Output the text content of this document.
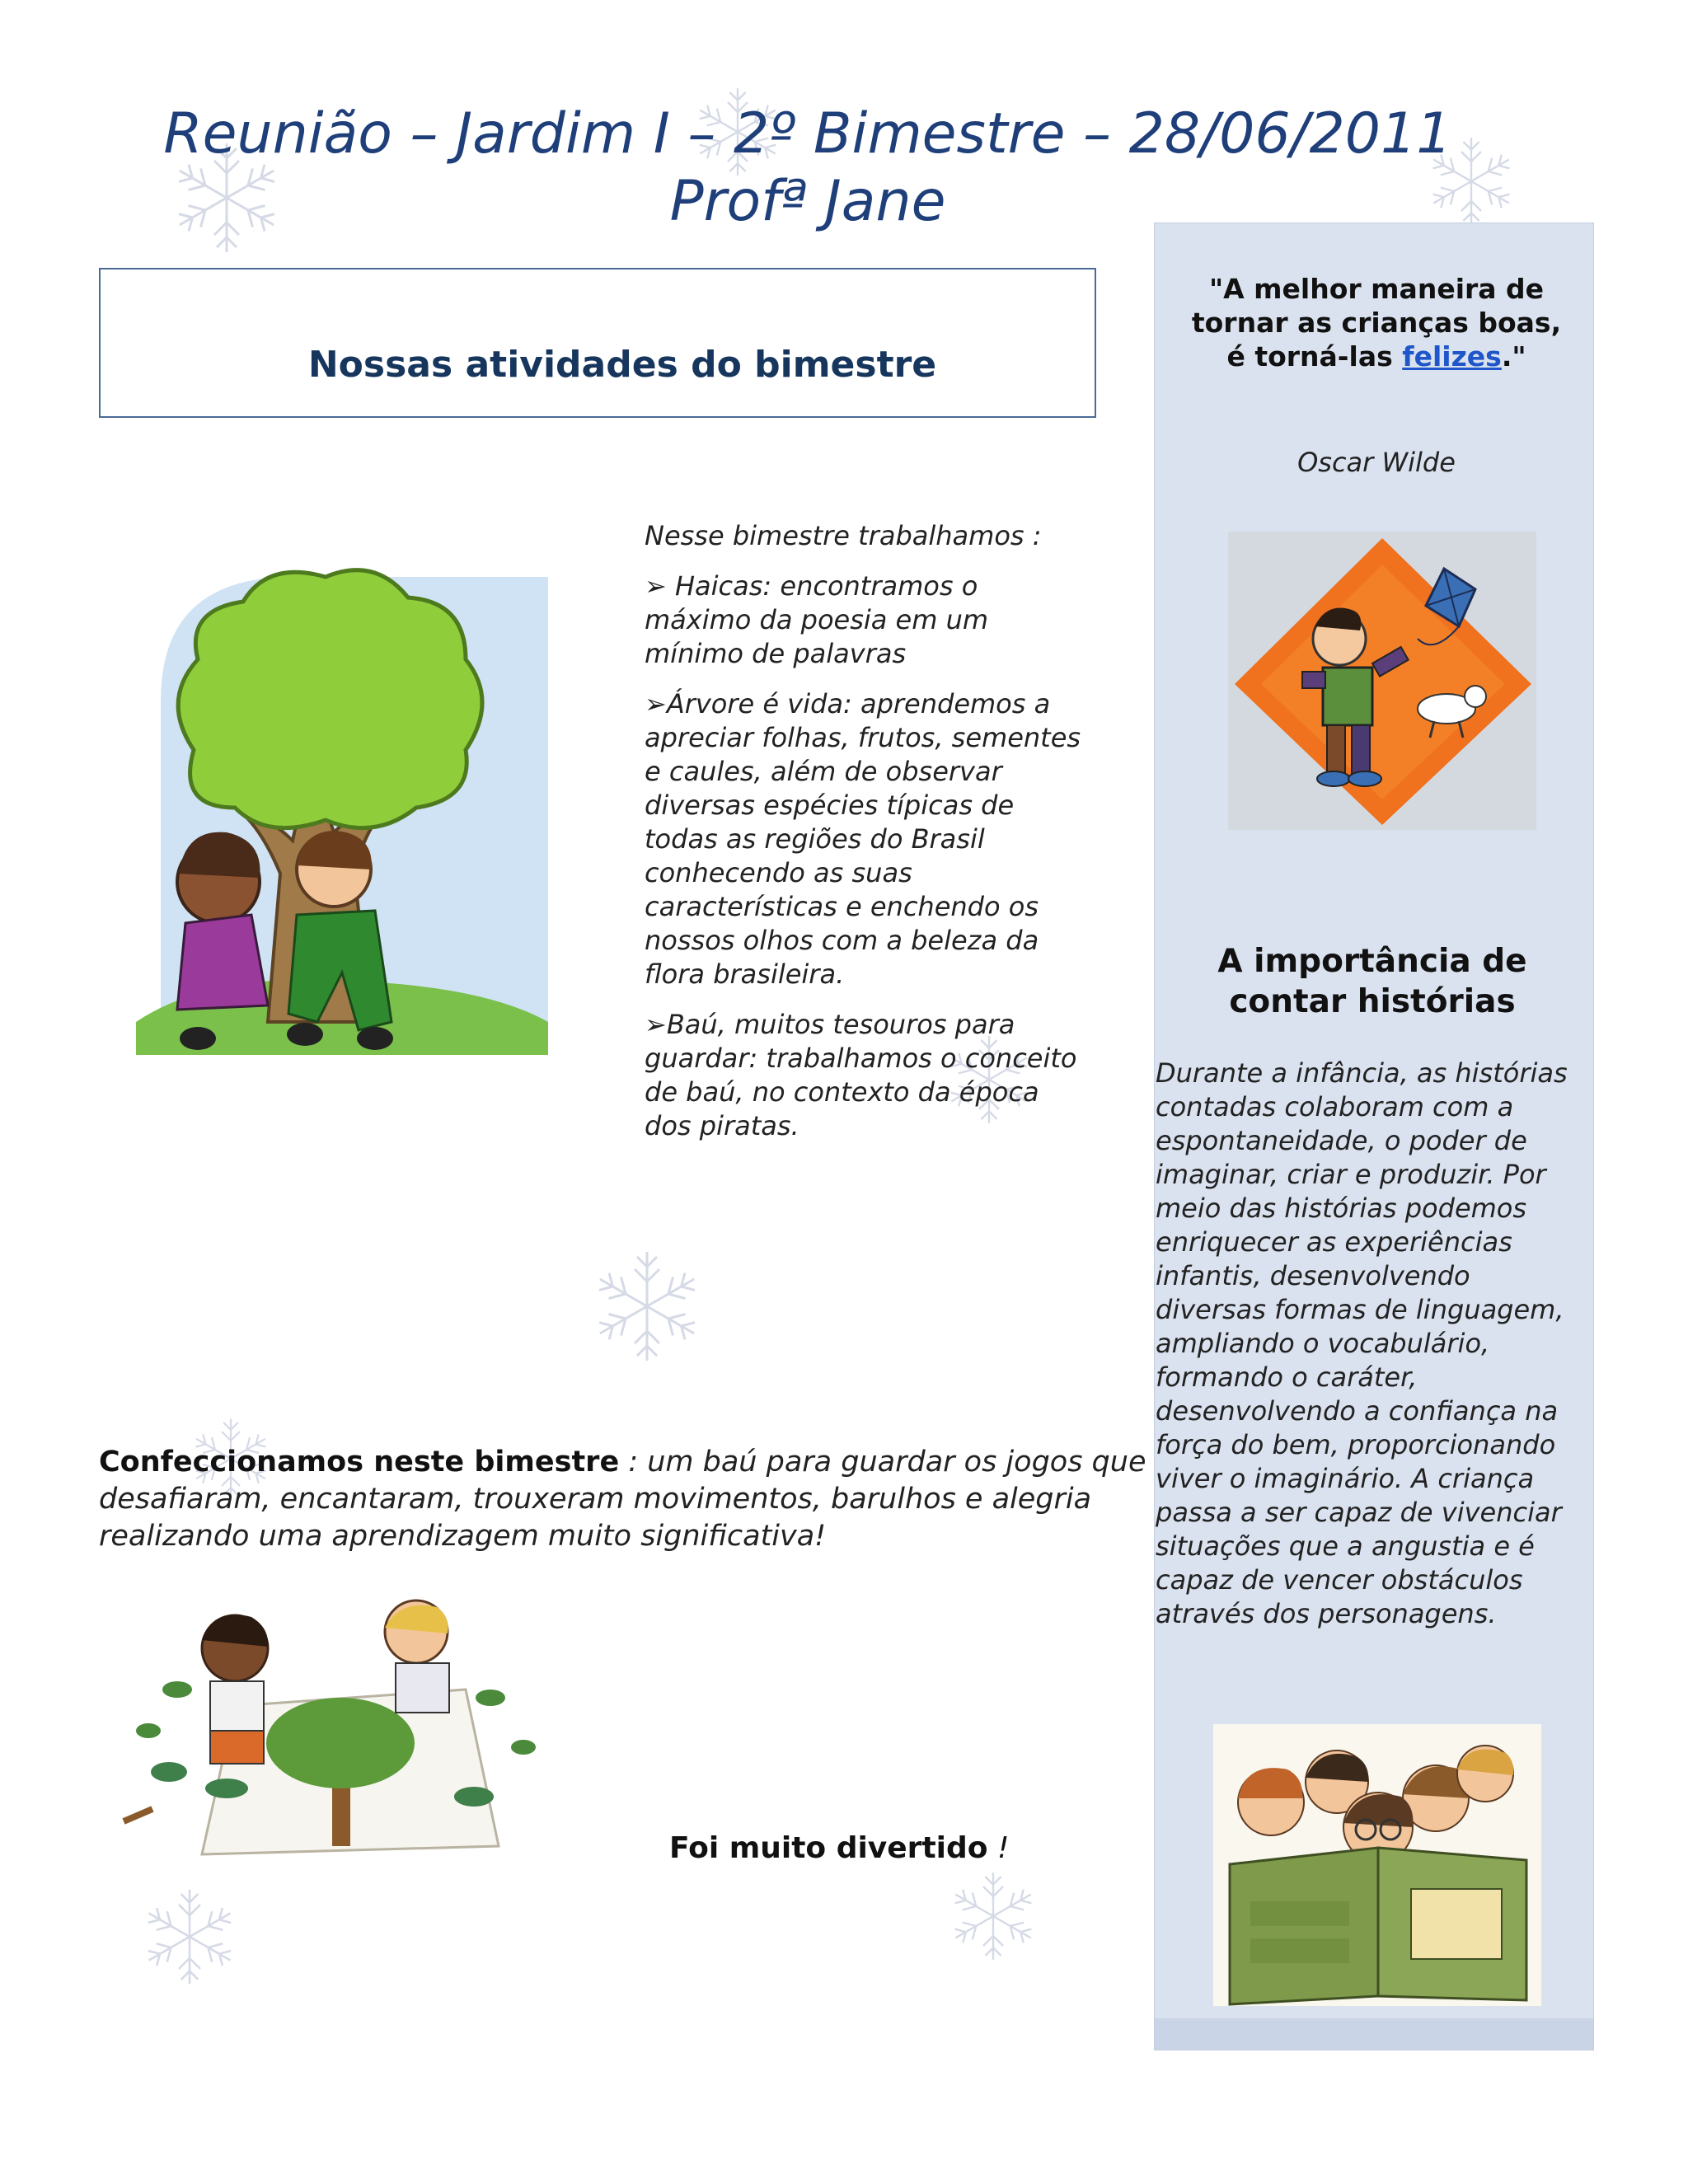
Reunião – Jardim I – 2º Bimestre – 28/06/2011
Profª Jane
"A melhor maneira de tornar as crianças boas, é torná-las felizes."
Oscar Wilde
A importância de contar histórias
Durante a infância, as histórias contadas colaboram com a espontaneidade, o poder de imaginar, criar e produzir. Por meio das histórias podemos enriquecer as experiências infantis, desenvolvendo diversas formas de linguagem, ampliando o vocabulário, formando o caráter, desenvolvendo a confiança na força do bem, proporcionando viver o imaginário. A criança passa a ser capaz de vivenciar situações que a angustia e é capaz de vencer obstáculos através dos personagens.
Nossas atividades do bimestre

Nesse bimestre trabalhamos :

➢ Haicas: encontramos o máximo da poesia em um mínimo de palavras

➢Árvore é vida: aprendemos a apreciar folhas, frutos, sementes e caules, além de observar diversas espécies típicas de todas as regiões do Brasil conhecendo as suas características e enchendo os nossos olhos com a beleza da flora brasileira.

➢Baú, muitos tesouros para guardar: trabalhamos o conceito de baú, no contexto da época dos piratas.

Confeccionamos neste bimestre : um baú para guardar os jogos que desafiaram, encantaram, trouxeram movimentos, barulhos e alegria realizando uma aprendizagem muito significativa!
Foi muito divertido !
